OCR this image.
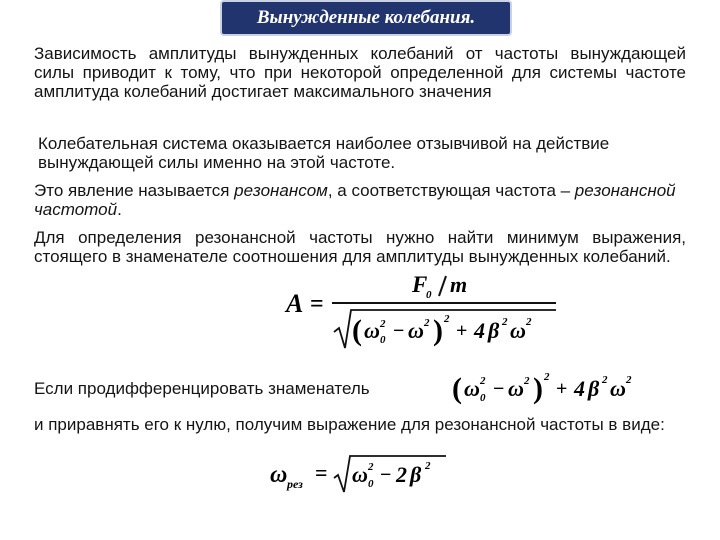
Вынужденные колебания.
Зависимость амплитуды вынужденных колебаний от частоты вынуждающей силы приводит к тому, что при некоторой определенной для системы частоте амплитуда колебаний достигает максимального значения
Колебательная система оказывается наиболее отзывчивой на действие вынуждающей силы именно на этой частоте.
Это явление называется резонансом, а соответствующая частота – резонансной частотой.
Для определения резонансной частоты нужно найти минимум выражения, стоящего в знаменателе соотношения для амплитуды вынужденных колебаний.
Если продифференцировать знаменатель
и приравнять его к нулю, получим выражение для резонансной частоты в виде:
A =
F
0 m
( ω 2
0 − ω 2 ) 2
+ 4 β 2 ω 2
( ω 2
0 − ω 2 ) 2
+ 4 β 2 ω 2
ω рез = ω 2
0 − 2 β 2
